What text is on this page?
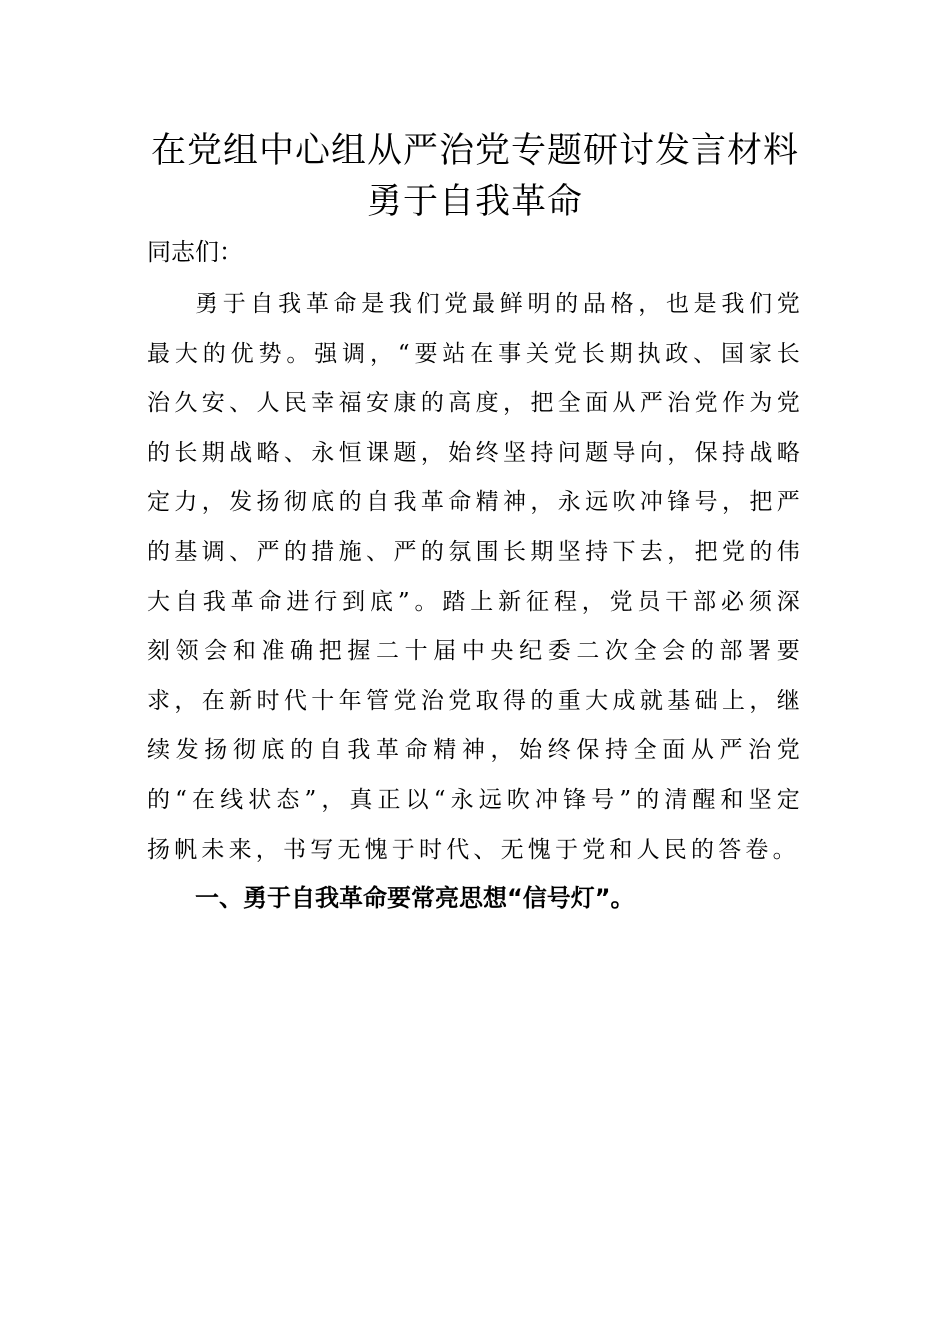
在党组中心组从严治党专题研讨发言材料
勇于自我革命

同志们：

勇于自我革命是我们党最鲜明的品格，也是我们党最大的优势。强调，“要站在事关党长期执政、国家长治久安、人民幸福安康的高度，把全面从严治党作为党的长期战略、永恒课题，始终坚持问题导向，保持战略定力，发扬彻底的自我革命精神，永远吹冲锋号，把严的基调、严的措施、严的氛围长期坚持下去，把党的伟大自我革命进行到底”。踏上新征程，党员干部必须深刻领会和准确把握二十届中央纪委二次全会的部署要求，在新时代十年管党治党取得的重大成就基础上，继续发扬彻底的自我革命精神，始终保持全面从严治党的“在线状态”，真正以“永远吹冲锋号”的清醒和坚定扬帆未来，书写无愧于时代、无愧于党和人民的答卷。

一、勇于自我革命要常亮思想“信号灯”。
